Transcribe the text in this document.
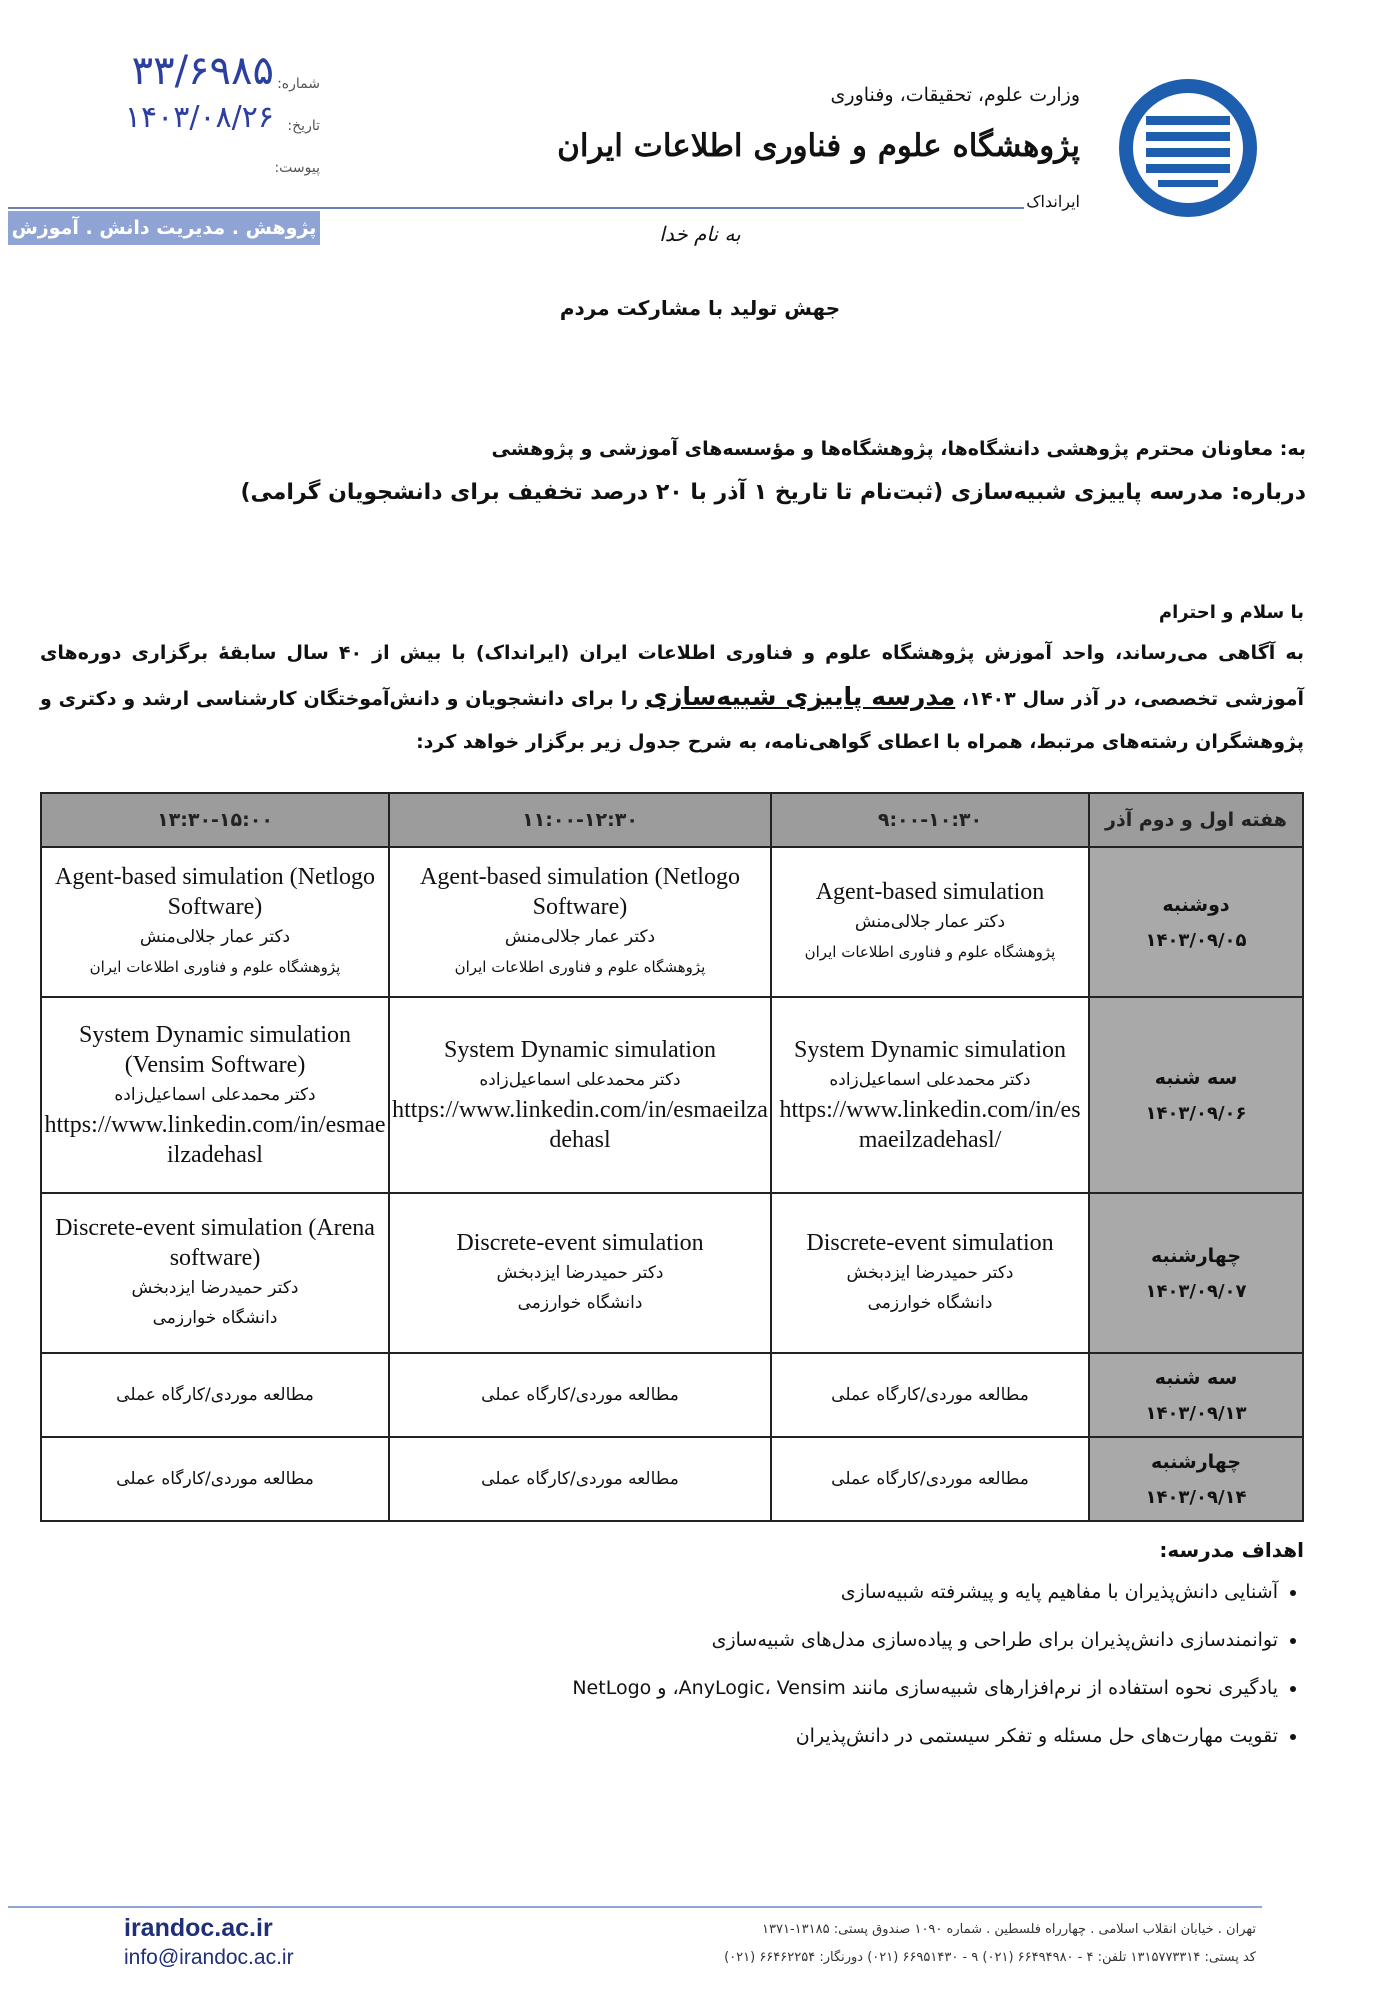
وزارت علوم، تحقیقات، وفناوری
پژوهشگاه علوم و فناوری اطلاعات ایران
ایرانداک
پژوهش . مدیریت دانش . آموزش
شماره:
۳۳/۶۹۸۵
تاریخ:
۱۴۰۳/۰۸/۲۶
پیوست:
به نام خدا
جهش تولید با مشارکت مردم
به: معاونان محترم پژوهشی دانشگاه‌ها، پژوهشگاه‌ها و مؤسسه‌های آموزشی و پژوهشی
درباره: مدرسه پاییزی شبیه‌سازی (ثبت‌نام تا تاریخ ۱ آذر با ۲۰ درصد تخفیف برای دانشجویان گرامی)
با سلام و احترام
به آگاهی می‌رساند، واحد آموزش پژوهشگاه علوم و فناوری اطلاعات ایران (ایرانداک) با بیش از ۴۰ سال سابقهٔ برگزاری دوره‌های آموزشی تخصصی، در آذر سال ۱۴۰۳، مدرسه پاییزی شبیه‌سازی را برای دانشجویان و دانش‌آموختگان کارشناسی ارشد و دکتری و پژوهشگران رشته‌های مرتبط، همراه با اعطای گواهی‌نامه، به شرح جدول زیر برگزار خواهد کرد:
۱۳:۳۰-۱۵:۰۰	۱۱:۰۰-۱۲:۳۰	۹:۰۰-۱۰:۳۰	هفته اول و دوم آذر

Agent-based simulation (Netlogo Software)
دکتر عمار جلالی‌منش
پژوهشگاه علوم و فناوری اطلاعات ایران	Agent-based simulation (Netlogo Software)
دکتر عمار جلالی‌منش
پژوهشگاه علوم و فناوری اطلاعات ایران	Agent-based simulation
دکتر عمار جلالی‌منش
پژوهشگاه علوم و فناوری اطلاعات ایران	دوشنبه
۱۴۰۳/۰۹/۰۵

System Dynamic simulation (Vensim Software)
دکتر محمدعلی اسماعیل‌زاده
https://www.linkedin.com/in/esmaeilzadehasl	System Dynamic simulation
دکتر محمدعلی اسماعیل‌زاده
https://www.linkedin.com/in/esmaeilzadehasl	System Dynamic simulation
دکتر محمدعلی اسماعیل‌زاده
https://www.linkedin.com/in/esmaeilzadehasl/	سه شنبه
۱۴۰۳/۰۹/۰۶

Discrete-event simulation (Arena software)
دکتر حمیدرضا ایزدبخش
دانشگاه خوارزمی	Discrete-event simulation
دکتر حمیدرضا ایزدبخش
دانشگاه خوارزمی	Discrete-event simulation
دکتر حمیدرضا ایزدبخش
دانشگاه خوارزمی	چهارشنبه
۱۴۰۳/۰۹/۰۷

مطالعه موردی/کارگاه عملی	مطالعه موردی/کارگاه عملی	مطالعه موردی/کارگاه عملی	سه شنبه
۱۴۰۳/۰۹/۱۳

مطالعه موردی/کارگاه عملی	مطالعه موردی/کارگاه عملی	مطالعه موردی/کارگاه عملی	چهارشنبه
۱۴۰۳/۰۹/۱۴
اهداف مدرسه:
• آشنایی دانش‌پذیران با مفاهیم پایه و پیشرفته شبیه‌سازی
• توانمندسازی دانش‌پذیران برای طراحی و پیاده‌سازی مدل‌های شبیه‌سازی
• یادگیری نحوه استفاده از نرم‌افزارهای شبیه‌سازی مانند AnyLogic، Vensim، و NetLogo
• تقویت مهارت‌های حل مسئله و تفکر سیستمی در دانش‌پذیران
irandoc.ac.ir
info@irandoc.ac.ir
تهران . خیابان انقلاب اسلامی . چهارراه فلسطین . شماره ۱۰۹۰ صندوق پستی: ۱۳۱۸۵-۱۳۷۱
کد پستی: ۱۳۱۵۷۷۳۳۱۴ تلفن: ۴ - ۶۶۴۹۴۹۸۰ (۰۲۱) ۹ - ۶۶۹۵۱۴۳۰ (۰۲۱) دورنگار: ۶۶۴۶۲۲۵۴ (۰۲۱)
